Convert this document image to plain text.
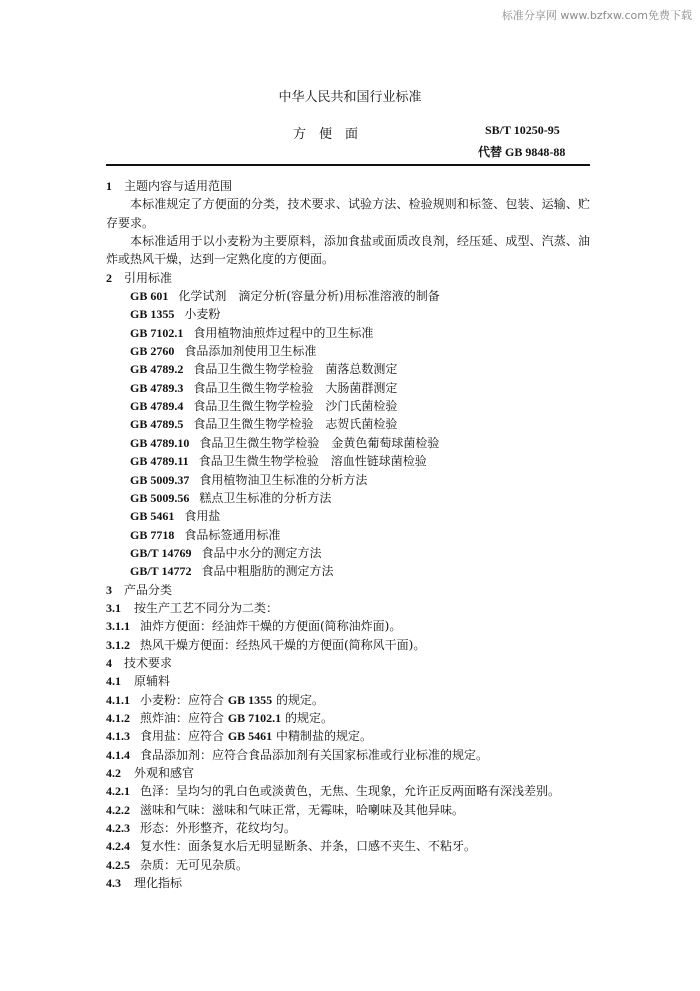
标准分享网 www.bzfxw.com免费下载
中华人民共和国行业标准
方　便　面	SB/T 10250-95
代替 GB 9848-88
1 主题内容与适用范围
本标准规定了方便面的分类，技术要求、试验方法、检验规则和标签、包装、运输、贮存要求。
本标准适用于以小麦粉为主要原料，添加食盐或面质改良剂，经压延、成型、汽蒸、油炸或热风干燥，达到一定熟化度的方便面。
2 引用标准
GB 601 化学试剂　滴定分析(容量分析)用标准溶液的制备
GB 1355 小麦粉
GB 7102.1 食用植物油煎炸过程中的卫生标准
GB 2760 食品添加剂使用卫生标准
GB 4789.2 食品卫生微生物学检验　菌落总数测定
GB 4789.3 食品卫生微生物学检验　大肠菌群测定
GB 4789.4 食品卫生微生物学检验　沙门氏菌检验
GB 4789.5 食品卫生微生物学检验　志贺氏菌检验
GB 4789.10 食品卫生微生物学检验　金黄色葡萄球菌检验
GB 4789.11 食品卫生微生物学检验　溶血性链球菌检验
GB 5009.37 食用植物油卫生标准的分析方法
GB 5009.56 糕点卫生标准的分析方法
GB 5461 食用盐
GB 7718 食品标签通用标准
GB/T 14769 食品中水分的测定方法
GB/T 14772 食品中粗脂肪的测定方法
3 产品分类
3.1 按生产工艺不同分为二类：
3.1.1 油炸方便面：经油炸干燥的方便面(简称油炸面)。
3.1.2 热风干燥方便面：经热风干燥的方便面(简称风干面)。
4 技术要求
4.1 原辅料
4.1.1 小麦粉：应符合 GB 1355 的规定。
4.1.2 煎炸油：应符合 GB 7102.1 的规定。
4.1.3 食用盐：应符合 GB 5461 中精制盐的规定。
4.1.4 食品添加剂：应符合食品添加剂有关国家标准或行业标准的规定。
4.2 外观和感官
4.2.1 色泽：呈均匀的乳白色或淡黄色，无焦、生现象，允许正反两面略有深浅差别。
4.2.2 滋味和气味：滋味和气味正常，无霉味，哈喇味及其他异味。
4.2.3 形态：外形整齐，花纹均匀。
4.2.4 复水性：面条复水后无明显断条、并条，口感不夹生、不粘牙。
4.2.5 杂质：无可见杂质。
4.3 理化指标
